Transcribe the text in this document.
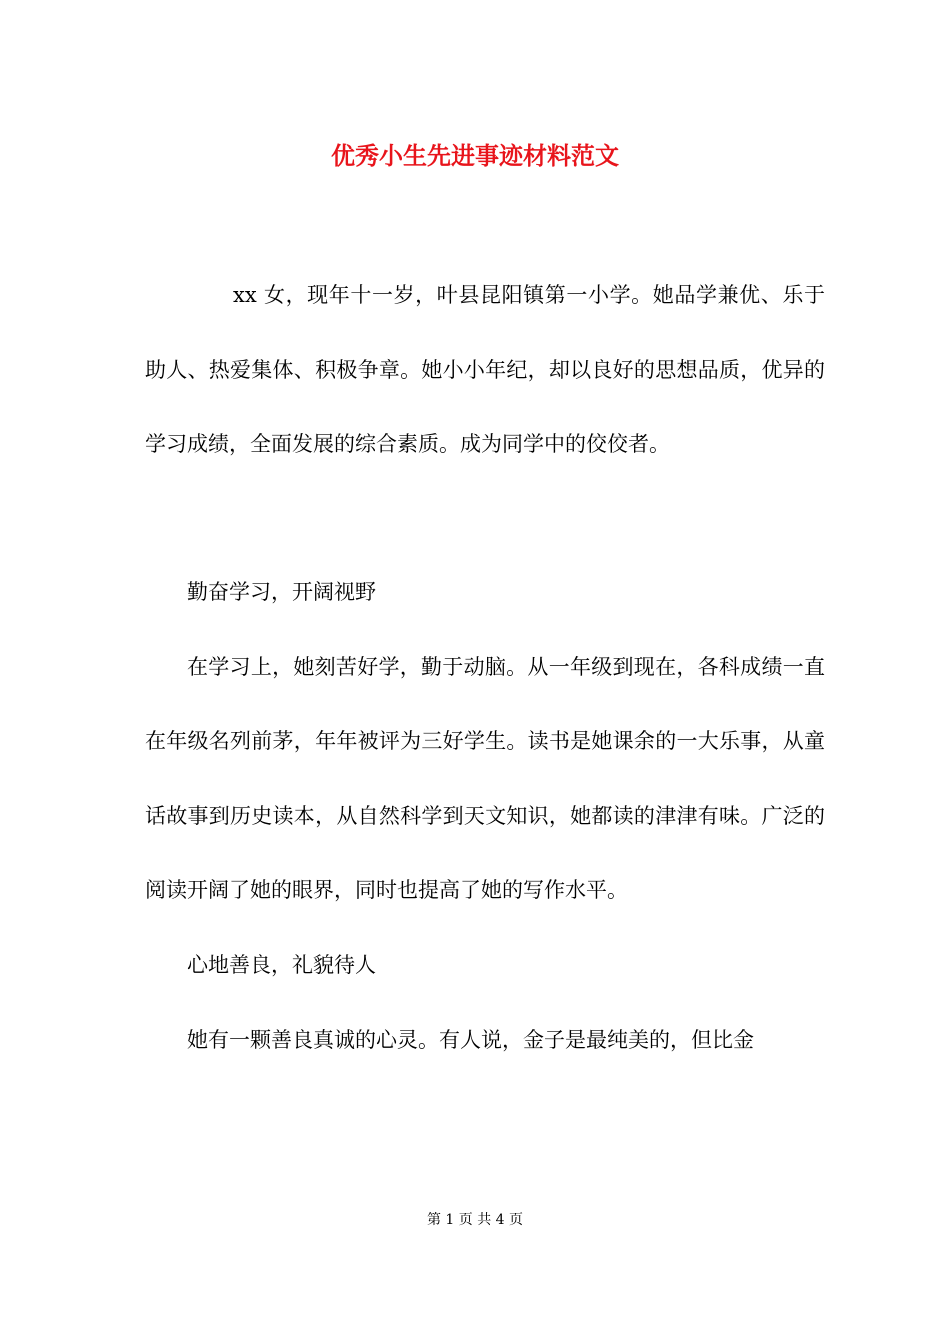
优秀小生先进事迹材料范文

xx 女，现年十一岁，叶县昆阳镇第一小学。她品学兼优、乐于助人、热爱集体、积极争章。她小小年纪，却以良好的思想品质，优异的学习成绩，全面发展的综合素质。成为同学中的佼佼者。

勤奋学习，开阔视野

在学习上，她刻苦好学，勤于动脑。从一年级到现在，各科成绩一直在年级名列前茅，年年被评为三好学生。读书是她课余的一大乐事，从童话故事到历史读本，从自然科学到天文知识，她都读的津津有味。广泛的阅读开阔了她的眼界，同时也提高了她的写作水平。

心地善良，礼貌待人

她有一颗善良真诚的心灵。有人说，金子是最纯美的，但比金

第 1 页 共 4 页
